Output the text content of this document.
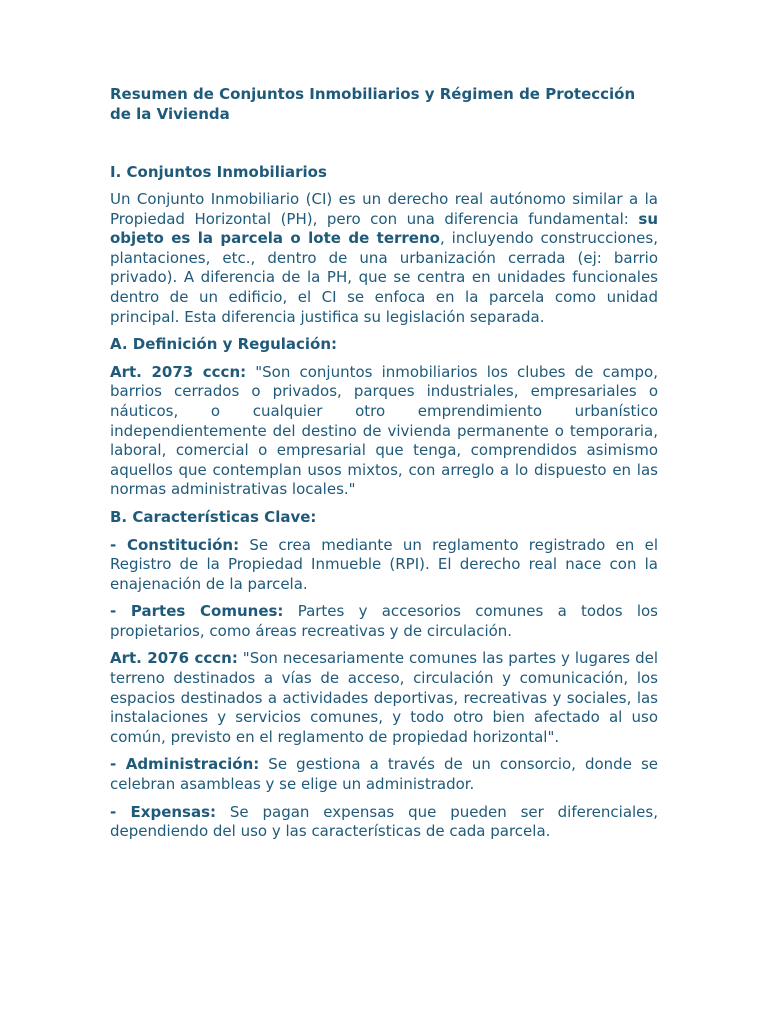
Resumen de Conjuntos Inmobiliarios y Régimen de Protección de la Vivienda
I. Conjuntos Inmobiliarios

Un Conjunto Inmobiliario (CI) es un derecho real autónomo similar a la Propiedad Horizontal (PH), pero con una diferencia fundamental: su objeto es la parcela o lote de terreno, incluyendo construcciones, plantaciones, etc., dentro de una urbanización cerrada (ej: barrio privado). A diferencia de la PH, que se centra en unidades funcionales dentro de un edificio, el CI se enfoca en la parcela como unidad principal. Esta diferencia justifica su legislación separada.

A. Definición y Regulación:

Art. 2073 cccn: "Son conjuntos inmobiliarios los clubes de campo, barrios cerrados o privados, parques industriales, empresariales o náuticos, o cualquier otro emprendimiento urbanístico independientemente del destino de vivienda permanente o temporaria, laboral, comercial o empresarial que tenga, comprendidos asimismo aquellos que contemplan usos mixtos, con arreglo a lo dispuesto en las normas administrativas locales."

B. Características Clave:

- Constitución: Se crea mediante un reglamento registrado en el Registro de la Propiedad Inmueble (RPI). El derecho real nace con la enajenación de la parcela.

- Partes Comunes: Partes y accesorios comunes a todos los propietarios, como áreas recreativas y de circulación.

Art. 2076 cccn: "Son necesariamente comunes las partes y lugares del terreno destinados a vías de acceso, circulación y comunicación, los espacios destinados a actividades deportivas, recreativas y sociales, las instalaciones y servicios comunes, y todo otro bien afectado al uso común, previsto en el reglamento de propiedad horizontal".

- Administración: Se gestiona a través de un consorcio, donde se celebran asambleas y se elige un administrador.

- Expensas: Se pagan expensas que pueden ser diferenciales, dependiendo del uso y las características de cada parcela.
